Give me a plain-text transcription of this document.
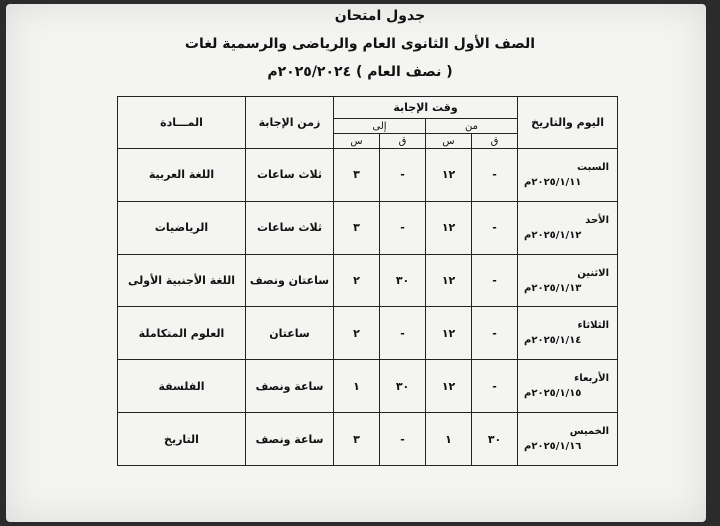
جدول امتحان
الصف الأول الثانوى العام والرياضى والرسمية لغات
( نصف العام ) ٢٠٢٥/٢٠٢٤م
اليوم والتاريخ	وقت الإجابة				زمن الإجابة	المـــادة
	من		إلى			
	ق	س	ق	س		

السبت
٢٠٢٥/١/١١م	-	١٢	-	٣	ثلاث ساعات	اللغة العربية

الأحد
٢٠٢٥/١/١٢م	-	١٢	-	٣	ثلاث ساعات	الرياضيات

الاثنين
٢٠٢٥/١/١٣م	-	١٢	٣٠	٢	ساعتان ونصف	اللغة الأجنبية الأولى

الثلاثاء
٢٠٢٥/١/١٤م	-	١٢	-	٢	ساعتان	العلوم المتكاملة

الأربعاء
٢٠٢٥/١/١٥م	-	١٢	٣٠	١	ساعة ونصف	الفلسفة

الخميس
٢٠٢٥/١/١٦م	٣٠	١	-	٣	ساعة ونصف	التاريخ
